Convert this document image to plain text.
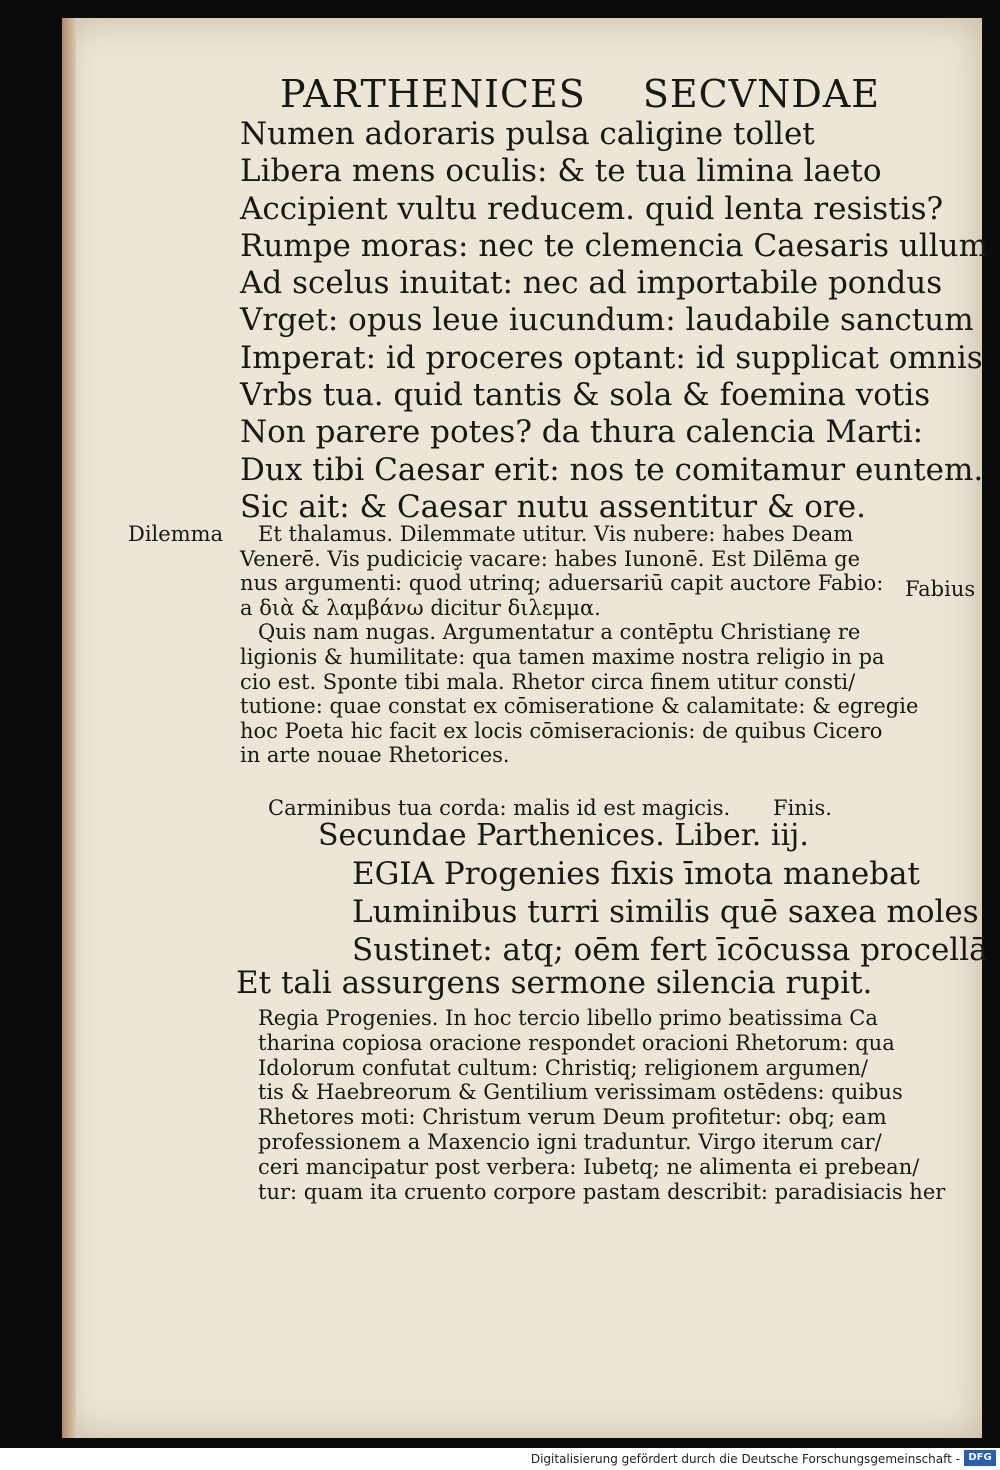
PARTHENICES SECVNDAE
Numen adoraris pulsa caligine tollet
Libera mens oculis: & te tua limina laeto
Accipient vultu reducem. quid lenta resistis?
Rumpe moras: nec te clemencia Caesaris ullum
Ad scelus inuitat: nec ad importabile pondus
Vrget: opus leue iucundum: laudabile sanctum
Imperat: id proceres optant: id supplicat omnis
Vrbs tua. quid tantis & sola & foemina votis
Non parere potes? da thura calencia Marti:
Dux tibi Caesar erit: nos te comitamur euntem.
Sic ait: & Caesar nutu assentitur & ore.
Dilemma
Fabius
Et thalamus. Dilemmate utitur. Vis nubere: habes Deam
Venerē. Vis pudiciciȩ vacare: habes Iunonē. Est Dilēma ge
nus argumenti: quod utrinq; aduersariū capit auctore Fabio:
a διὰ & λαμβάνω dicitur διλεμμα.
Quis nam nugas. Argumentatur a contēptu Christianȩ re
ligionis & humilitate: qua tamen maxime nostra religio in pa
cio est. Sponte tibi mala. Rhetor circa finem utitur consti/
tutione: quae constat ex cōmiseratione & calamitate: & egregie
hoc Poeta hic facit ex locis cōmiseracionis: de quibus Cicero
in arte nouae Rhetorices.
Carminibus tua corda: malis id est magicis. Finis.
Secundae Parthenices. Liber. iij.
EGIA Progenies fixis īmota manebat
Luminibus turri similis quē saxea moles
Sustinet: atq; oēm fert īcōcussa procellā
Et tali assurgens sermone silencia rupit.
Regia Progenies. In hoc tercio libello primo beatissima Ca
tharina copiosa oracione respondet oracioni Rhetorum: qua
Idolorum confutat cultum: Christiq; religionem argumen/
tis & Haebreorum & Gentilium verissimam ostēdens: quibus
Rhetores moti: Christum verum Deum profitetur: obq; eam
professionem a Maxencio igni traduntur. Virgo iterum car/
ceri mancipatur post verbera: Iubetq; ne alimenta ei prebean/
tur: quam ita cruento corpore pastam describit: paradisiacis her
Digitalisierung gefördert durch die Deutsche Forschungsgemeinschaft - DFG
